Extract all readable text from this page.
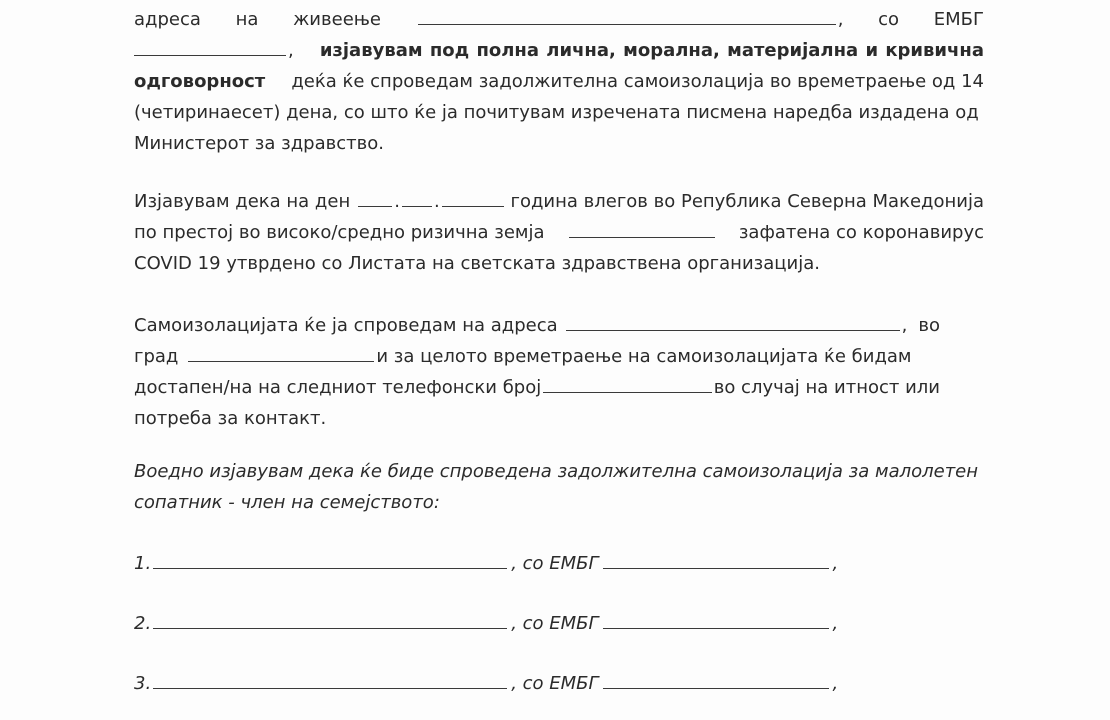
адреса на живеење	, со ЕМБГ
, изјавувам под полна лична, морална, материјална и кривична
одговорност деќа ќе спроведам задолжителна самоизолација во времетраење од 14
(четиринаесет) дена, со што ќе ја почитувам изречената писмена наредба издадена од
Министерот за здравство.
Изјавувам дека на ден . .	година влегов во Република Северна Македонија
по престој во високо/средно ризична земја	зафатена со коронавирус
COVID 19 утврдено со Листата на светската здравствена организација.
Самоизолацијата ќе ја спроведам на адреса	, во
град	и за целото времетраење на самоизолацијата ќе бидам
достапен/на на следниот телефонски број	во случај на итност или
потреба за контакт.
Воедно изјавувам дека ќе биде спроведена задолжителна самоизолација за малолетен
сопатник - член на семејството:
1.	, со ЕМБГ	,
2.	, со ЕМБГ	,
3.	, со ЕМБГ	,
